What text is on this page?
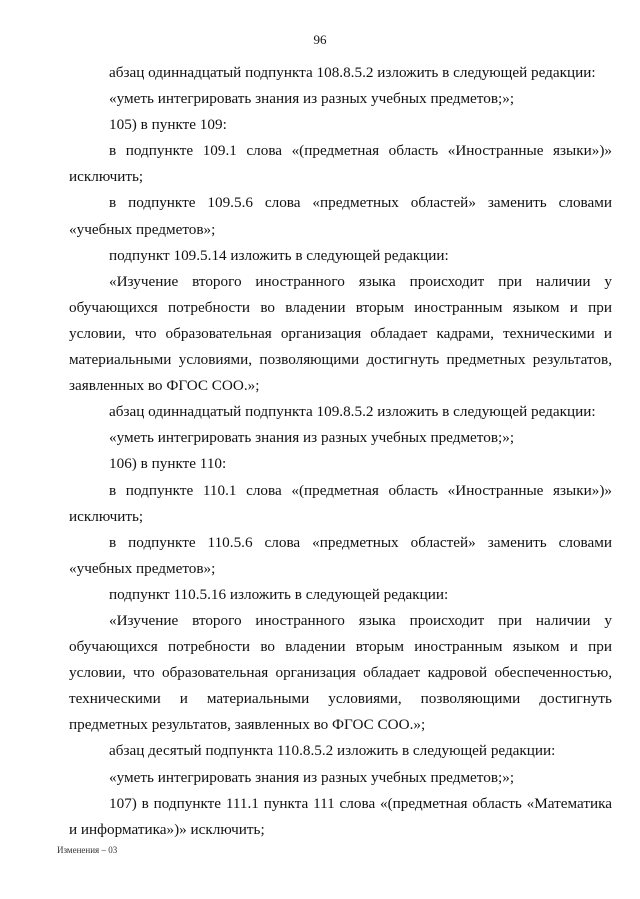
96

абзац одиннадцатый подпункта 108.8.5.2 изложить в следующей редакции:

«уметь интегрировать знания из разных учебных предметов;»;

105) в пункте 109:

в подпункте 109.1 слова «(предметная область «Иностранные языки»)» исключить;

в подпункте 109.5.6 слова «предметных областей» заменить словами «учебных предметов»;

подпункт 109.5.14 изложить в следующей редакции:

«Изучение второго иностранного языка происходит при наличии у обучающихся потребности во владении вторым иностранным языком и при условии, что образовательная организация обладает кадрами, техническими и материальными условиями, позволяющими достигнуть предметных результатов, заявленных во ФГОС СОО.»;

абзац одиннадцатый подпункта 109.8.5.2 изложить в следующей редакции:

«уметь интегрировать знания из разных учебных предметов;»;

106) в пункте 110:

в подпункте 110.1 слова «(предметная область «Иностранные языки»)» исключить;

в подпункте 110.5.6 слова «предметных областей» заменить словами «учебных предметов»;

подпункт 110.5.16 изложить в следующей редакции:

«Изучение второго иностранного языка происходит при наличии у обучающихся потребности во владении вторым иностранным языком и при условии, что образовательная организация обладает кадровой обеспеченностью, техническими и материальными условиями, позволяющими достигнуть предметных результатов, заявленных во ФГОС СОО.»;

абзац десятый подпункта 110.8.5.2 изложить в следующей редакции:

«уметь интегрировать знания из разных учебных предметов;»;

107) в подпункте 111.1 пункта 111 слова «(предметная область «Математика и информатика»)» исключить;

Изменения – 03
